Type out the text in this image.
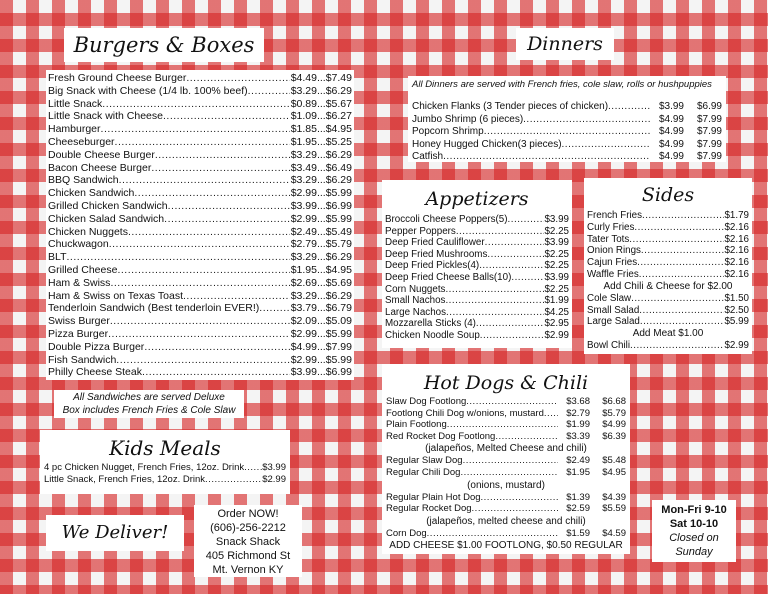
Burgers & Boxes
Fresh Ground Cheese Burger .....	$4.49...$7.49
Big Snack with Cheese (1/4 lb. 100% beef) .....	$3.29...$6.29
Little Snack .....	$0.89...$5.67
Little Snack with Cheese .....	$1.09...$6.27
Hamburger .....	$1.85...$4.95
Cheeseburger .....	$1.95...$5.25
Double Cheese Burger .....	$3.29...$6.29
Bacon Cheese Burger .....	$3.49...$6.49
BBQ Sandwich .....	$3.29...$6.29
Chicken Sandwich .....	$2.99...$5.99
Grilled Chicken Sandwich .....	$3.99...$6.99
Chicken Salad Sandwich .....	$2.99...$5.99
Chicken Nuggets .....	$2.49...$5.49
Chuckwagon .....	$2.79...$5.79
BLT .....	$3.29...$6.29
Grilled Cheese .....	$1.95...$4.95
Ham & Swiss .....	$2.69...$5.69
Ham & Swiss on Texas Toast .....	$3.29...$6.29
Tenderloin Sandwich (Best tenderloin EVER!) .....	$3.79...$6.79
Swiss Burger .....	$2.09...$5.09
Pizza Burger .....	$2.99...$5.99
Double Pizza Burger .....	$4.99...$7.99
Fish Sandwich .....	$2.99...$5.99
Philly Cheese Steak .....	$3.99...$6.99
All Sandwiches are served Deluxe
Box includes French Fries & Cole Slaw
Kids Meals
4 pc Chicken Nugget, French Fries, 12oz. Drink ..... $3.99
Little Snack, French Fries, 12oz. Drink .....	$2.99
We Deliver!
Order NOW!
(606)-256-2212
Snack Shack
405 Richmond St
Mt. Vernon KY
Dinners
All Dinners are served with French fries, cole slaw, rolls or hushpuppies
Chicken Flanks (3 Tender pieces of chicken) .....	$3.99	$6.99
Jumbo Shrimp (6 pieces) .....	$4.99	$7.99
Popcorn Shrimp .....	$4.99	$7.99
Honey Hugged Chicken(3 pieces) .....	$4.99	$7.99
Catfish .....	$4.99	$7.99
Appetizers
Broccoli Cheese Poppers(5) .....	$3.99
Pepper Poppers .....	$2.25
Deep Fried Cauliflower .....	$3.99
Deep Fried Mushrooms .....	$2.25
Deep Fried Pickles(4) .....	$2.25
Deep Fried Cheese Balls(10) .....	$3.99
Corn Nuggets .....	$2.25
Small Nachos .....	$1.99
Large Nachos .....	$4.25
Mozzarella Sticks (4) .....	$2.95
Chicken Noodle Soup .....	$2.99
Sides
French Fries .....	$1.79
Curly Fries .....	$2.16
Tater Tots .....	$2.16
Onion Rings .....	$2.16
Cajun Fries .....	$2.16
Waffle Fries .....	$2.16
Add Chili & Cheese for $2.00
Cole Slaw .....	$1.50
Small Salad .....	$2.50
Large Salad .....	$5.99
Add Meat $1.00
Bowl Chili .....	$2.99
Hot Dogs & Chili
Slaw Dog Footlong .....	$3.68	$6.68
Footlong Chili Dog w/onions, mustard .....	$2.79	$5.79
Plain Footlong .....	$1.99	$4.99
Red Rocket Dog Footlong .....	$3.39	$6.39
(jalapeños, Melted Cheese and chili)
Regular Slaw Dog .....	$2.49	$5.48
Regular Chili Dog .....	$1.95	$4.95
(onions, mustard)
Regular Plain Hot Dog .....	$1.39	$4.39
Regular Rocket Dog .....	$2.59	$5.59
(jalapeños, melted cheese and chili)
Corn Dog .....	$1.59	$4.59
ADD CHEESE $1.00 FOOTLONG, $0.50 REGULAR
Mon-Fri 9-10
Sat 10-10
Closed on
Sunday
